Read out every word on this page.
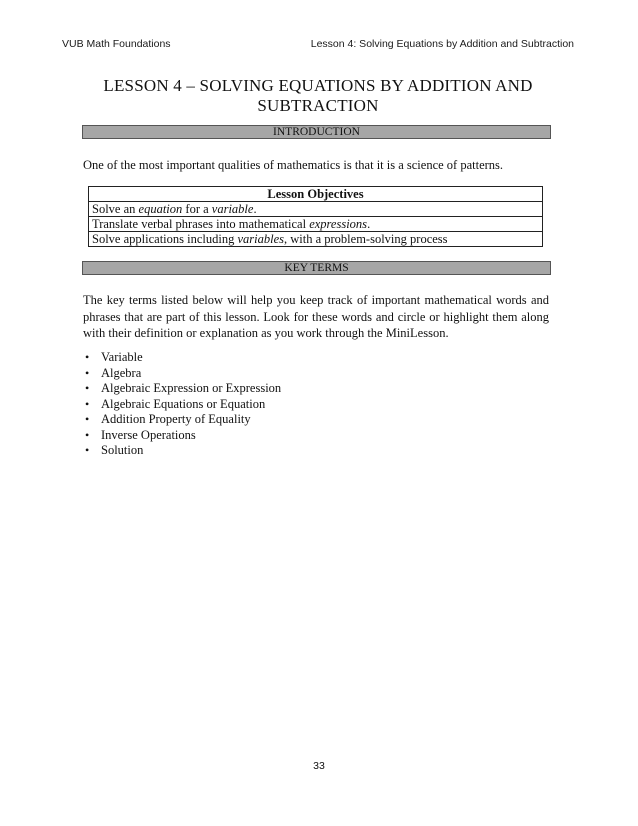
VUB Math Foundations	Lesson 4: Solving Equations by Addition and Subtraction
LESSON 4 – SOLVING EQUATIONS BY ADDITION AND
SUBTRACTION
INTRODUCTION
One of the most important qualities of mathematics is that it is a science of patterns.
Lesson Objectives
Solve an equation for a variable.
Translate verbal phrases into mathematical expressions.
Solve applications including variables, with a problem-solving process
KEY TERMS
The key terms listed below will help you keep track of important mathematical words and phrases that are part of this lesson. Look for these words and circle or highlight them along with their definition or explanation as you work through the MiniLesson.
• Variable
• Algebra
• Algebraic Expression or Expression
• Algebraic Equations or Equation
• Addition Property of Equality
• Inverse Operations
• Solution
33
